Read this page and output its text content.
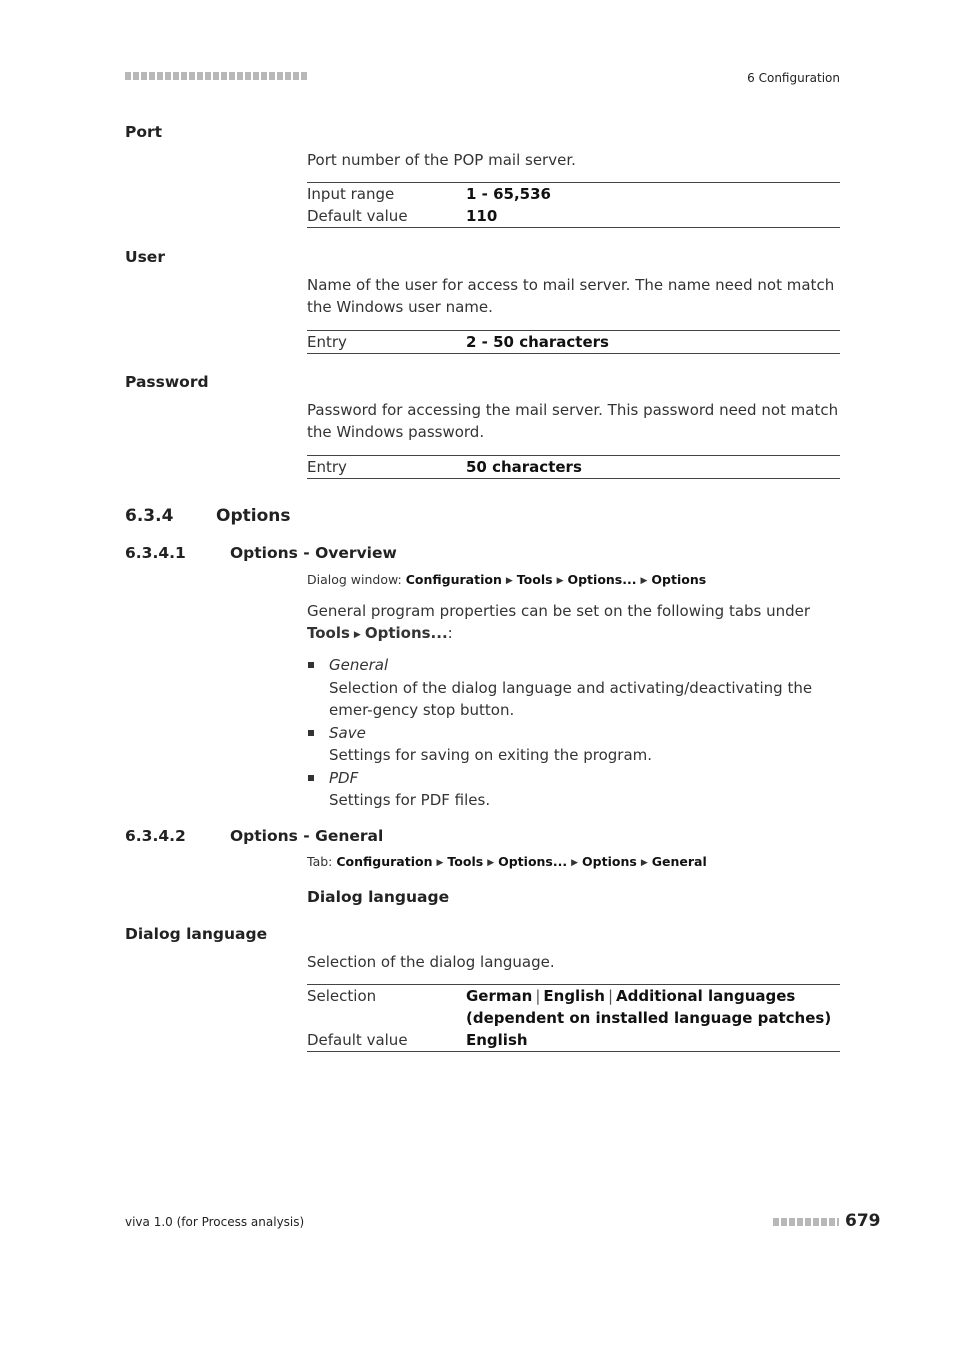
6 Configuration
Port
Port number of the POP mail server.
Input range	1 - 65,536
Default value	110
User
Name of the user for access to mail server. The name need not match the Windows user name.
Entry	2 - 50 characters
Password
Password for accessing the mail server. This password need not match the Windows password.
Entry	50 characters
6.3.4	Options
6.3.4.1	Options - Overview
Dialog window: Configuration ▶ Tools ▶ Options... ▶ Options
General program properties can be set on the following tabs under
Tools ▶ Options...:
General
Selection of the dialog language and activating/deactivating the emer-gency stop button.
Save
Settings for saving on exiting the program.
PDF
Settings for PDF files.
6.3.4.2	Options - General
Tab: Configuration ▶ Tools ▶ Options... ▶ Options ▶ General
Dialog language
Dialog language
Selection of the dialog language.
Selection	German | English | Additional languages
(dependent on installed language patches)
Default value	English
viva 1.0 (for Process analysis)	679
